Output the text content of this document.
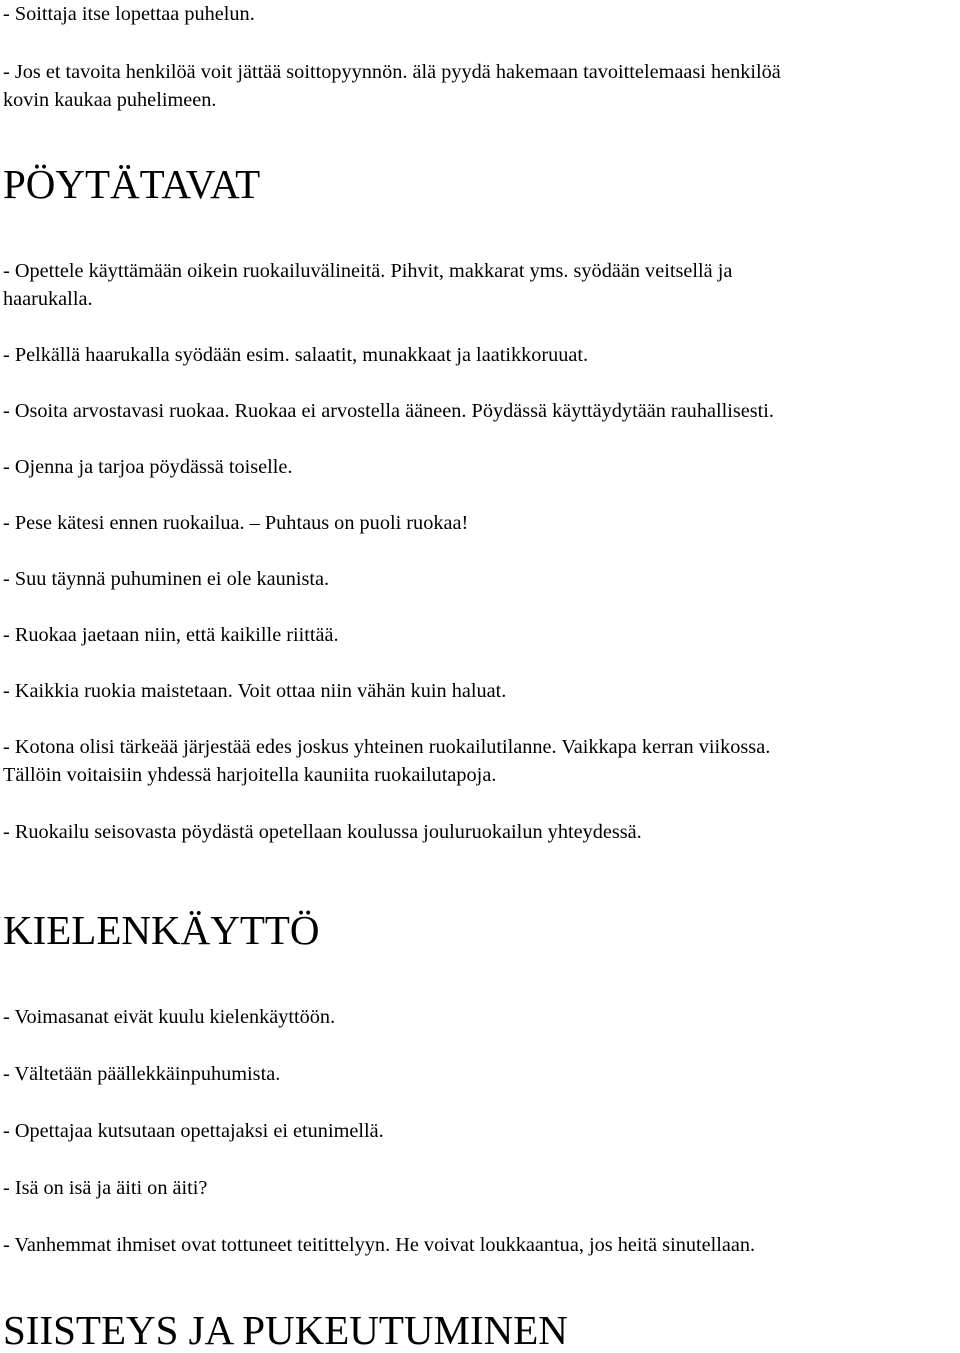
- Soittaja itse lopettaa puhelun.

- Jos et tavoita henkilöä voit jättää soittopyynnön. älä pyydä hakemaan tavoittelemaasi henkilöä

kovin kaukaa puhelimeen.

PÖYTÄTAVAT

- Opettele käyttämään oikein ruokailuvälineitä. Pihvit, makkarat yms. syödään veitsellä ja

haarukalla.

- Pelkällä haarukalla syödään esim. salaatit, munakkaat ja laatikkoruuat.

- Osoita arvostavasi ruokaa. Ruokaa ei arvostella ääneen. Pöydässä käyttäydytään rauhallisesti.

- Ojenna ja tarjoa pöydässä toiselle.

- Pese kätesi ennen ruokailua. – Puhtaus on puoli ruokaa!

- Suu täynnä puhuminen ei ole kaunista.

- Ruokaa jaetaan niin, että kaikille riittää.

- Kaikkia ruokia maistetaan. Voit ottaa niin vähän kuin haluat.

- Kotona olisi tärkeää järjestää edes joskus yhteinen ruokailutilanne. Vaikkapa kerran viikossa.

Tällöin voitaisiin yhdessä harjoitella kauniita ruokailutapoja.

- Ruokailu seisovasta pöydästä opetellaan koulussa jouluruokailun yhteydessä.

KIELENKÄYTTÖ

- Voimasanat eivät kuulu kielenkäyttöön.

- Vältetään päällekkäinpuhumista.

- Opettajaa kutsutaan opettajaksi ei etunimellä.

- Isä on isä ja äiti on äiti?

- Vanhemmat ihmiset ovat tottuneet teitittelyyn. He voivat loukkaantua, jos heitä sinutellaan.

SIISTEYS JA PUKEUTUMINEN
